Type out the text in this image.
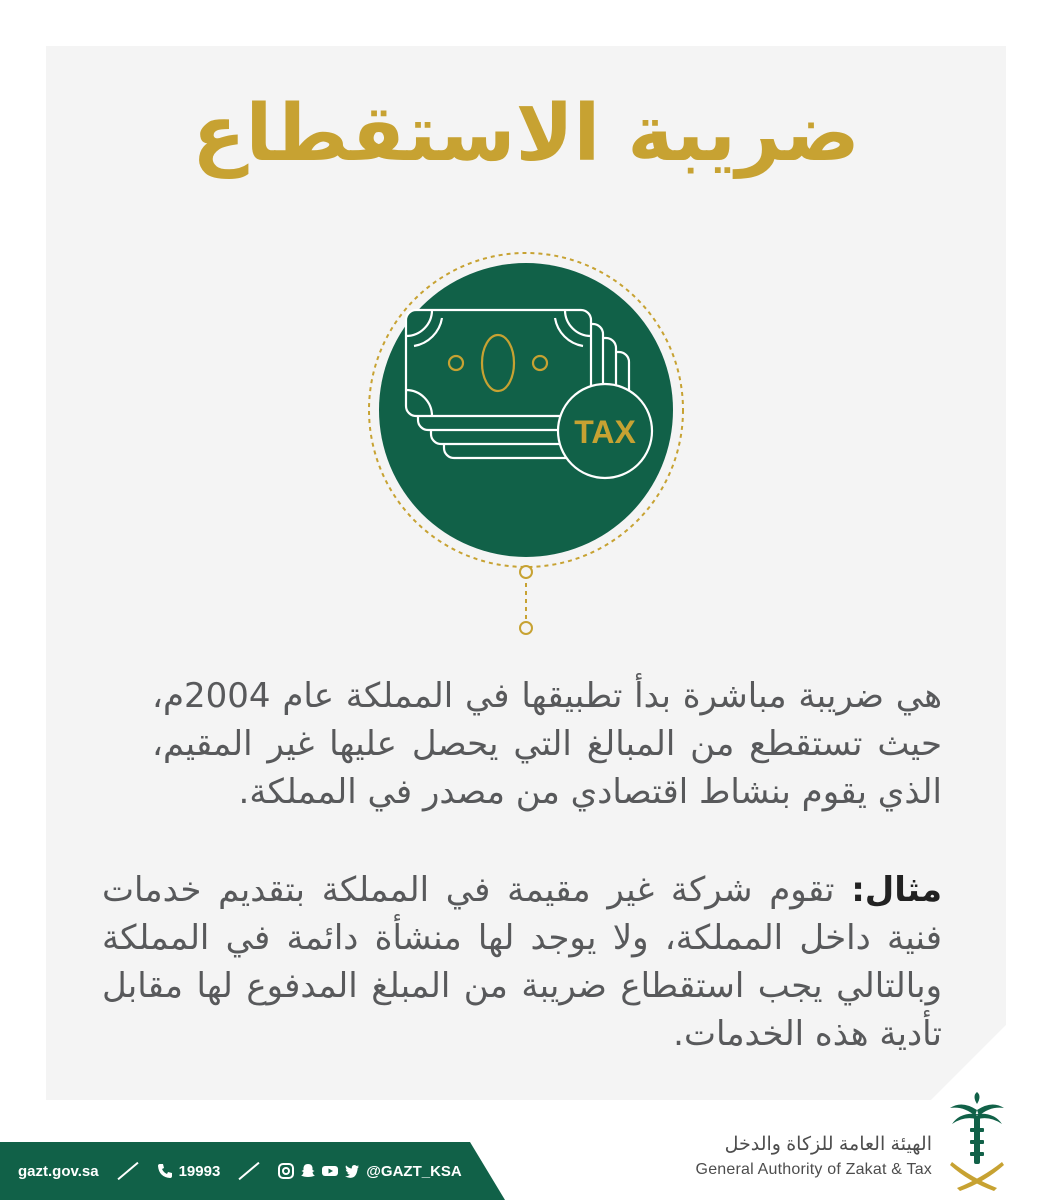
ضريبة الاستقطاع
TAX

هي ضريبة مباشرة بدأ تطبيقها في المملكة عام 2004م، حيث تستقطع من المبالغ التي يحصل عليها غير المقيم، الذي يقوم بنشاط اقتصادي من مصدر في المملكة.

مثال: تقوم شركة غير مقيمة في المملكة بتقديم خدمات فنية داخل المملكة، ولا يوجد لها منشأة دائمة في المملكة وبالتالي يجب استقطاع ضريبة من المبلغ المدفوع لها مقابل تأدية هذه الخدمات.

gazt.gov.sa	19993	@GAZT_KSA

الهيئة العامة للزكاة والدخل

General Authority of Zakat & Tax
